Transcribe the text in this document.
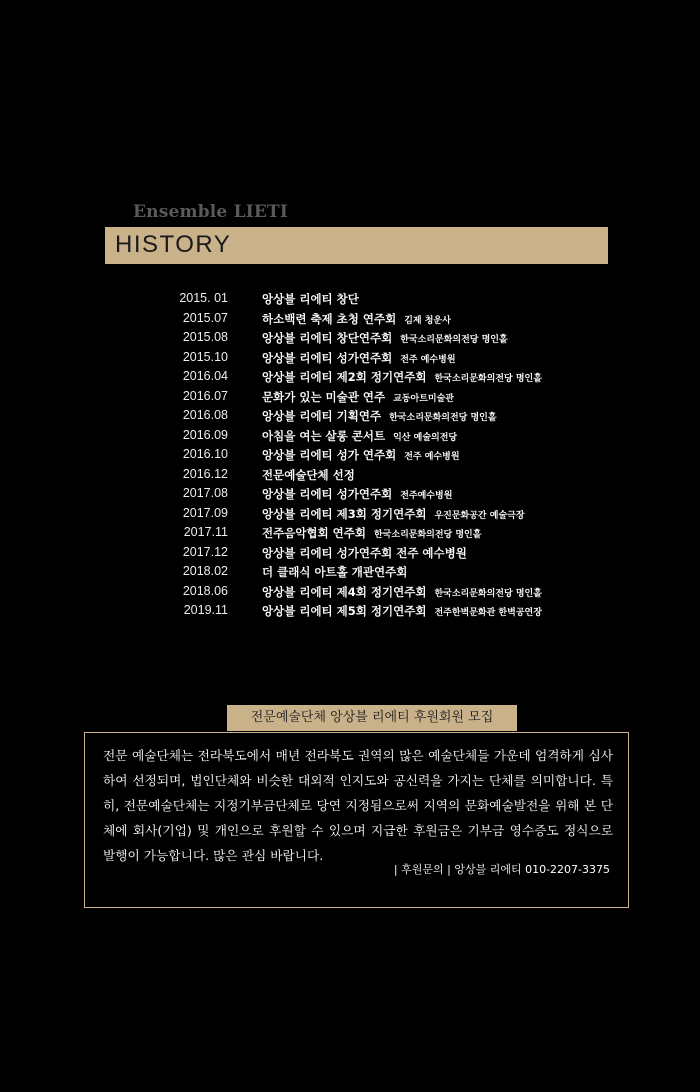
Ensemble LIETI
HISTORY
2015. 01	앙상블 리에티 창단
2015.07	하소백련 축제 초청 연주회 김제 청운사
2015.08	앙상블 리에티 창단연주회 한국소리문화의전당 명인홀
2015.10	앙상블 리에티 성가연주회 전주 예수병원
2016.04	앙상블 리에티 제2회 정기연주회 한국소리문화의전당 명인홀
2016.07	문화가 있는 미술관 연주 교동아트미술관
2016.08	앙상블 리에티 기획연주 한국소리문화의전당 명인홀
2016.09	아침을 여는 살롱 콘서트 익산 예술의전당
2016.10	앙상블 리에티 성가 연주회 전주 예수병원
2016.12	전문예술단체 선정
2017.08	앙상블 리에티 성가연주회 전주예수병원
2017.09	앙상블 리에티 제3회 정기연주회 우진문화공간 예술극장
2017.11	전주음악협회 연주회 한국소리문화의전당 명인홀
2017.12	앙상블 리에티 성가연주회 전주 예수병원
2018.02	더 클래식 아트홀 개관연주회
2018.06	앙상블 리에티 제4회 정기연주회 한국소리문화의전당 명인홀
2019.11	앙상블 리에티 제5회 정기연주회 전주한벽문화관 한벽공연장
전문예술단체 앙상블 리에티 후원회원 모집
전문 예술단체는 전라북도에서 매년 전라북도 권역의 많은 예술단체들 가운데 엄격하게 심사하여 선정되며, 법인단체와 비슷한 대외적 인지도와 공신력을 가지는 단체를 의미합니다. 특히, 전문예술단체는 지정기부금단체로 당연 지정됨으로써 지역의 문화예술발전을 위해 본 단체에 회사(기업) 및 개인으로 후원할 수 있으며 지급한 후원금은 기부금 영수증도 정식으로 발행이 가능합니다. 많은 관심 바랍니다.
| 후원문의 | 앙상블 리에티 010-2207-3375
